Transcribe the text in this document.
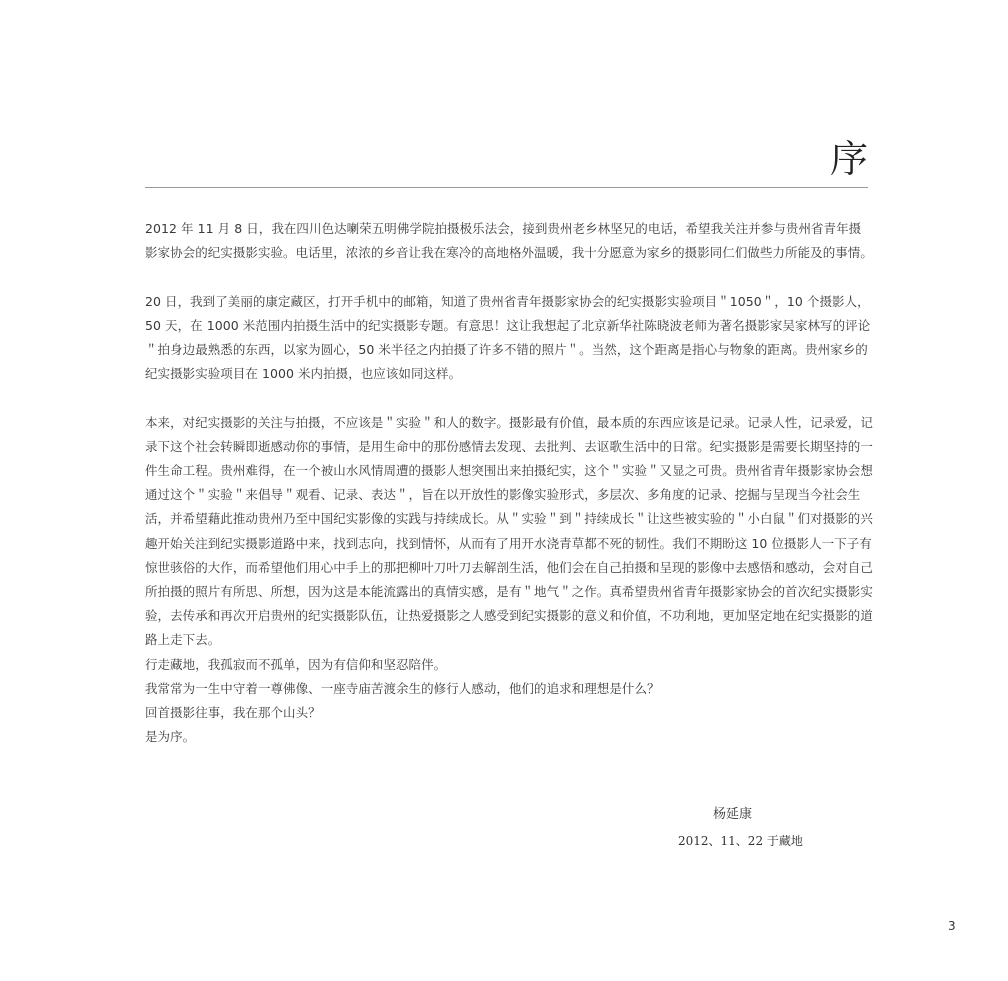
序

2012 年 11 月 8 日，我在四川色达喇荣五明佛学院拍摄极乐法会，接到贵州老乡林坚兄的电话，希望我关注并参与贵州省青年摄影家协会的纪实摄影实验。电话里，浓浓的乡音让我在寒冷的高地格外温暖，我十分愿意为家乡的摄影同仁们做些力所能及的事情。

20 日，我到了美丽的康定藏区，打开手机中的邮箱，知道了贵州省青年摄影家协会的纪实摄影实验项目＂1050＂，10 个摄影人，50 天，在 1000 米范围内拍摄生活中的纪实摄影专题。有意思！这让我想起了北京新华社陈晓波老师为著名摄影家吴家林写的评论＂拍身边最熟悉的东西，以家为圆心，50 米半径之内拍摄了许多不错的照片＂。当然，这个距离是指心与物象的距离。贵州家乡的纪实摄影实验项目在 1000 米内拍摄，也应该如同这样。

本来，对纪实摄影的关注与拍摄，不应该是＂实验＂和人的数字。摄影最有价值，最本质的东西应该是记录。记录人性，记录爱，记录下这个社会转瞬即逝感动你的事情，是用生命中的那份感情去发现、去批判、去讴歌生活中的日常。纪实摄影是需要长期坚持的一件生命工程。贵州难得，在一个被山水风情周遭的摄影人想突围出来拍摄纪实，这个＂实验＂又显之可贵。贵州省青年摄影家协会想通过这个＂实验＂来倡导＂观看、记录、表达＂，旨在以开放性的影像实验形式，多层次、多角度的记录、挖掘与呈现当今社会生活，并希望藉此推动贵州乃至中国纪实影像的实践与持续成长。从＂实验＂到＂持续成长＂让这些被实验的＂小白鼠＂们对摄影的兴趣开始关注到纪实摄影道路中来，找到志向，找到情怀，从而有了用开水浇青草都不死的韧性。我们不期盼这 10 位摄影人一下子有惊世骇俗的大作，而希望他们用心中手上的那把柳叶刀叶刀去解剖生活，他们会在自己拍摄和呈现的影像中去感悟和感动，会对自己所拍摄的照片有所思、所想，因为这是本能流露出的真情实感，是有＂地气＂之作。真希望贵州省青年摄影家协会的首次纪实摄影实验，去传承和再次开启贵州的纪实摄影队伍，让热爱摄影之人感受到纪实摄影的意义和价值，不功利地，更加坚定地在纪实摄影的道路上走下去。

行走藏地，我孤寂而不孤单，因为有信仰和坚忍陪伴。

我常常为一生中守着一尊佛像、一座寺庙苦渡余生的修行人感动，他们的追求和理想是什么？

回首摄影往事，我在那个山头？

是为序。

杨延康
2012、11、22 于藏地
3
